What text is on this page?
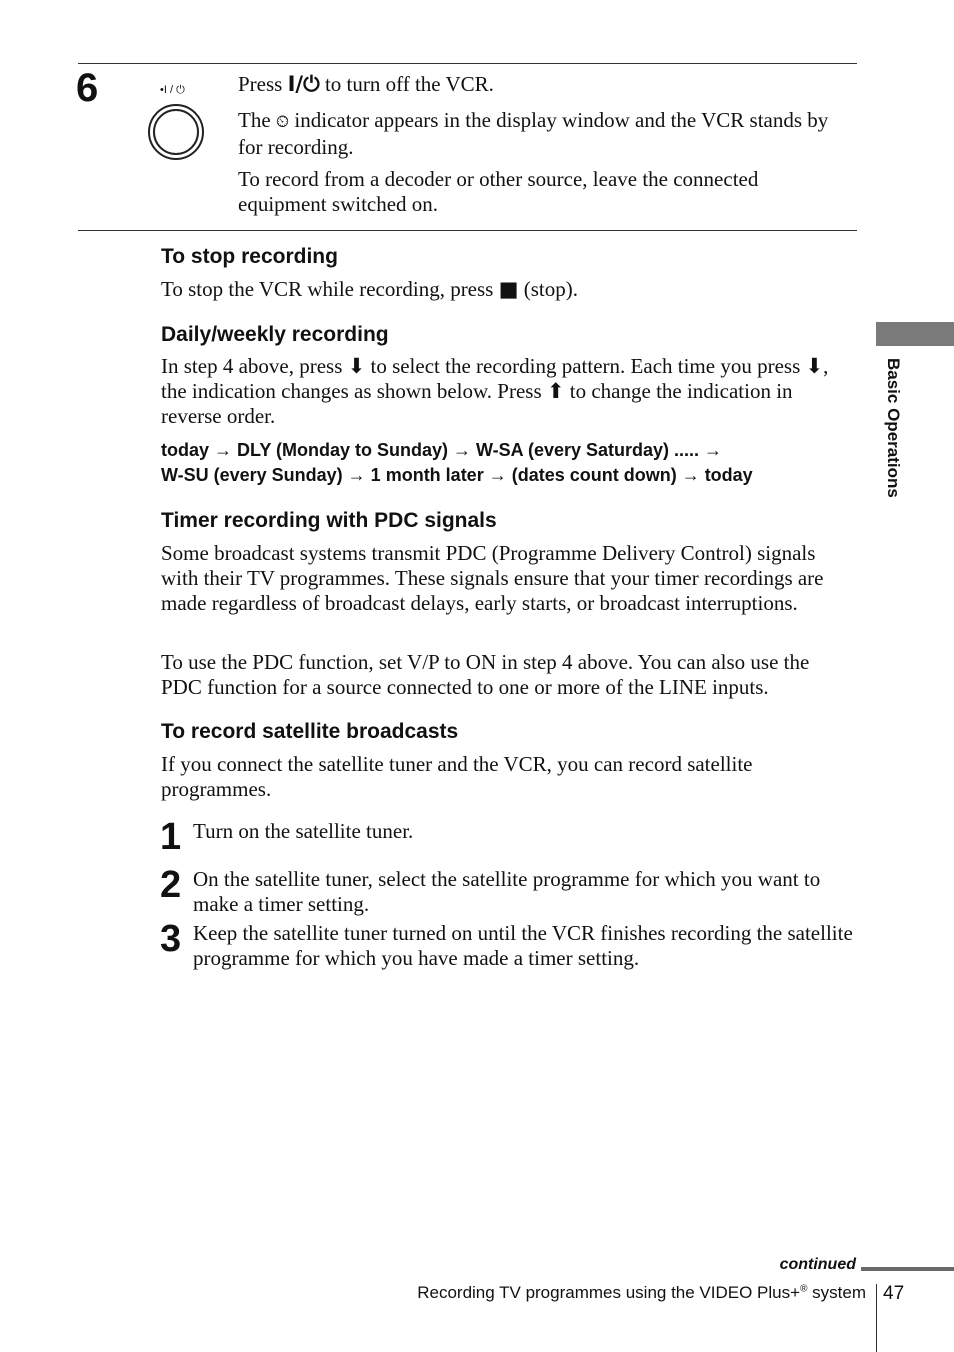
6	•I / ⏻	Press I/⏻ to turn off the VCR.

The ⏲ indicator appears in the display window and the VCR stands by for recording.

To record from a decoder or other source, leave the connected equipment switched on.

To stop recording

To stop the VCR while recording, press ■ (stop).

Daily/weekly recording

In step 4 above, press ⬇ to select the recording pattern. Each time you press ⬇, the indication changes as shown below. Press ⬆ to change the indication in reverse order.

today → DLY (Monday to Sunday) → W-SA (every Saturday) ..... →
W-SU (every Sunday) → 1 month later → (dates count down) → today
Timer recording with PDC signals

Some broadcast systems transmit PDC (Programme Delivery Control) signals with their TV programmes. These signals ensure that your timer recordings are made regardless of broadcast delays, early starts, or broadcast interruptions.

To use the PDC function, set V/P to ON in step 4 above. You can also use the PDC function for a source connected to one or more of the LINE inputs.

To record satellite broadcasts

If you connect the satellite tuner and the VCR, you can record satellite programmes.

1 Turn on the satellite tuner.

2 On the satellite tuner, select the satellite programme for which you want to make a timer setting.

3 Keep the satellite tuner turned on until the VCR finishes recording the satellite programme for which you have made a timer setting.

Basic Operations
continued
Recording TV programmes using the VIDEO Plus+® system 47
